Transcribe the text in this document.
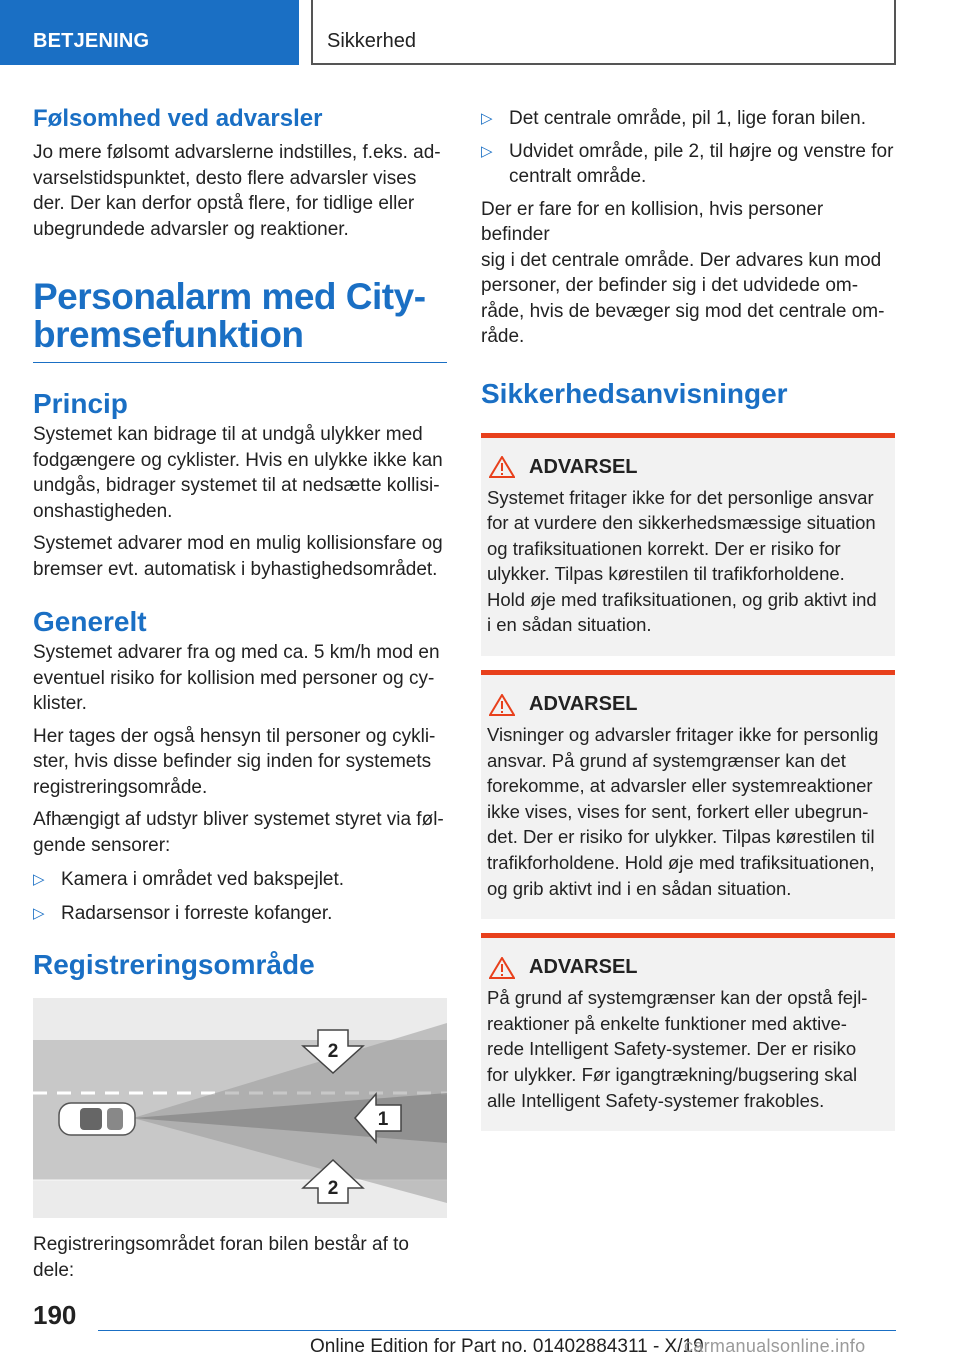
BETJENING	Sikkerhed
Følsomhed ved advarsler
Jo mere følsomt advarslerne indstilles, f.eks. ad‐
varselstidspunktet, desto flere advarsler vises
der. Der kan derfor opstå flere, for tidlige eller
ubegrundede advarsler og reaktioner.
Personalarm med City‐
bremsefunktion
Princip
Systemet kan bidrage til at undgå ulykker med
fodgængere og cyklister. Hvis en ulykke ikke kan
undgås, bidrager systemet til at nedsætte kollisi‐
onshastigheden.
Systemet advarer mod en mulig kollisionsfare og
bremser evt. automatisk i byhastighedsområdet.
Generelt
Systemet advarer fra og med ca. 5 km/h mod en
eventuel risiko for kollision med personer og cy‐
klister.
Her tages der også hensyn til personer og cykli‐
ster, hvis disse befinder sig inden for systemets
registreringsområde.
Afhængigt af udstyr bliver systemet styret via føl‐
gende sensorer:
▷ Kamera i området ved bakspejlet.
▷ Radarsensor i forreste kofanger.
Registreringsområde
2
1
2
Registreringsområdet foran bilen består af to
dele:
▷ Det centrale område, pil 1, lige foran bilen.
▷ Udvidet område, pile 2, til højre og venstre for
centralt område.
Der er fare for en kollision, hvis personer befinder
sig i det centrale område. Der advares kun mod
personer, der befinder sig i det udvidede om‐
råde, hvis de bevæger sig mod det centrale om‐
råde.
Sikkerhedsanvisninger
ADVARSEL
Systemet fritager ikke for det personlige ansvar
for at vurdere den sikkerhedsmæssige situation
og trafiksituationen korrekt. Der er risiko for
ulykker. Tilpas kørestilen til trafikforholdene.
Hold øje med trafiksituationen, og grib aktivt ind
i en sådan situation.
ADVARSEL
Visninger og advarsler fritager ikke for personlig
ansvar. På grund af systemgrænser kan det
forekomme, at advarsler eller systemreaktioner
ikke vises, vises for sent, forkert eller ubegrun‐
det. Der er risiko for ulykker. Tilpas kørestilen til
trafikforholdene. Hold øje med trafiksituationen,
og grib aktivt ind i en sådan situation.
ADVARSEL
På grund af systemgrænser kan der opstå fejl‐
reaktioner på enkelte funktioner med aktive‐
rede Intelligent Safety-systemer. Der er risiko
for ulykker. Før igangtrækning/bugsering skal
alle Intelligent Safety-systemer frakobles.
190
Online Edition for Part no. 01402884311 - X/19
carmanualsonline.info
